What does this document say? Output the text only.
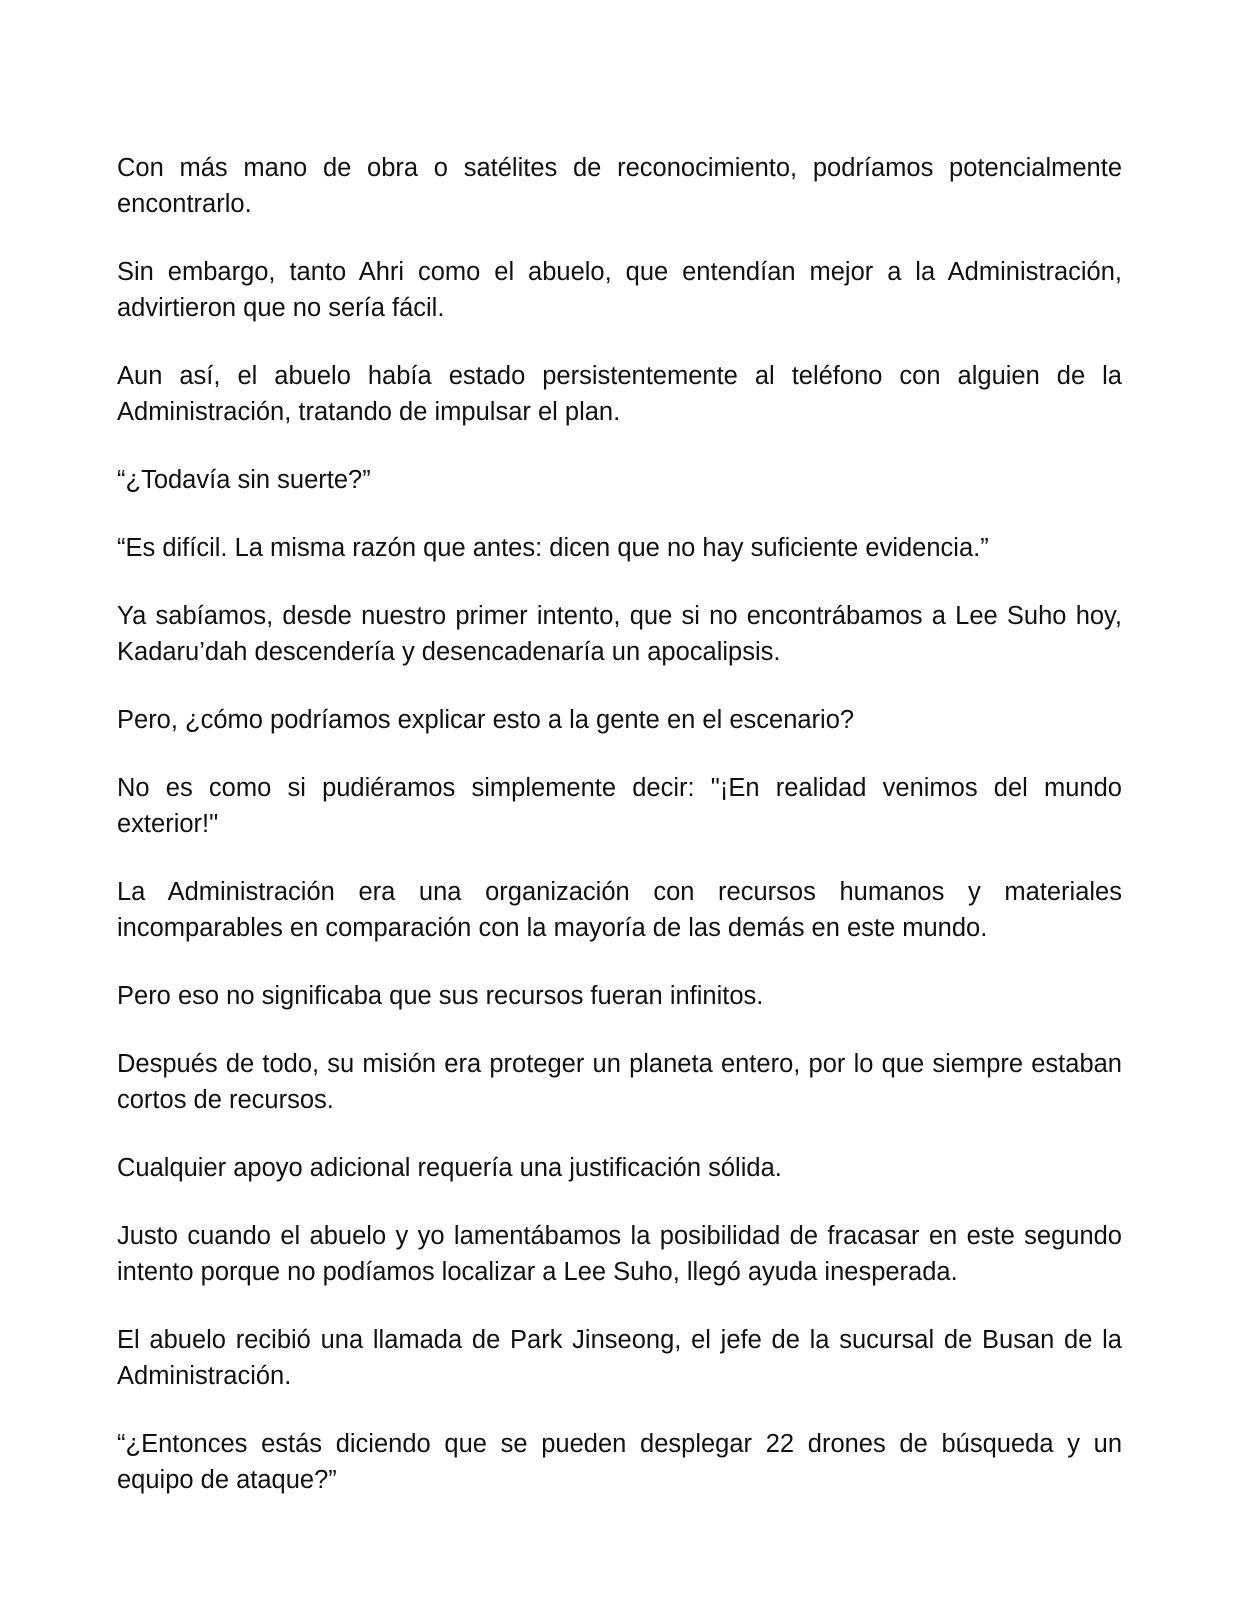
Con más mano de obra o satélites de reconocimiento, podríamos potencialmente encontrarlo.

Sin embargo, tanto Ahri como el abuelo, que entendían mejor a la Administración, advirtieron que no sería fácil.

Aun así, el abuelo había estado persistentemente al teléfono con alguien de la Administración, tratando de impulsar el plan.

“¿Todavía sin suerte?”

“Es difícil. La misma razón que antes: dicen que no hay suficiente evidencia.”

Ya sabíamos, desde nuestro primer intento, que si no encontrábamos a Lee Suho hoy, Kadaru’dah descendería y desencadenaría un apocalipsis.

Pero, ¿cómo podríamos explicar esto a la gente en el escenario?

No es como si pudiéramos simplemente decir: "¡En realidad venimos del mundo exterior!"

La Administración era una organización con recursos humanos y materiales incomparables en comparación con la mayoría de las demás en este mundo.

Pero eso no significaba que sus recursos fueran infinitos.

Después de todo, su misión era proteger un planeta entero, por lo que siempre estaban cortos de recursos.

Cualquier apoyo adicional requería una justificación sólida.

Justo cuando el abuelo y yo lamentábamos la posibilidad de fracasar en este segundo intento porque no podíamos localizar a Lee Suho, llegó ayuda inesperada.

El abuelo recibió una llamada de Park Jinseong, el jefe de la sucursal de Busan de la Administración.

“¿Entonces estás diciendo que se pueden desplegar 22 drones de búsqueda y un equipo de ataque?”
